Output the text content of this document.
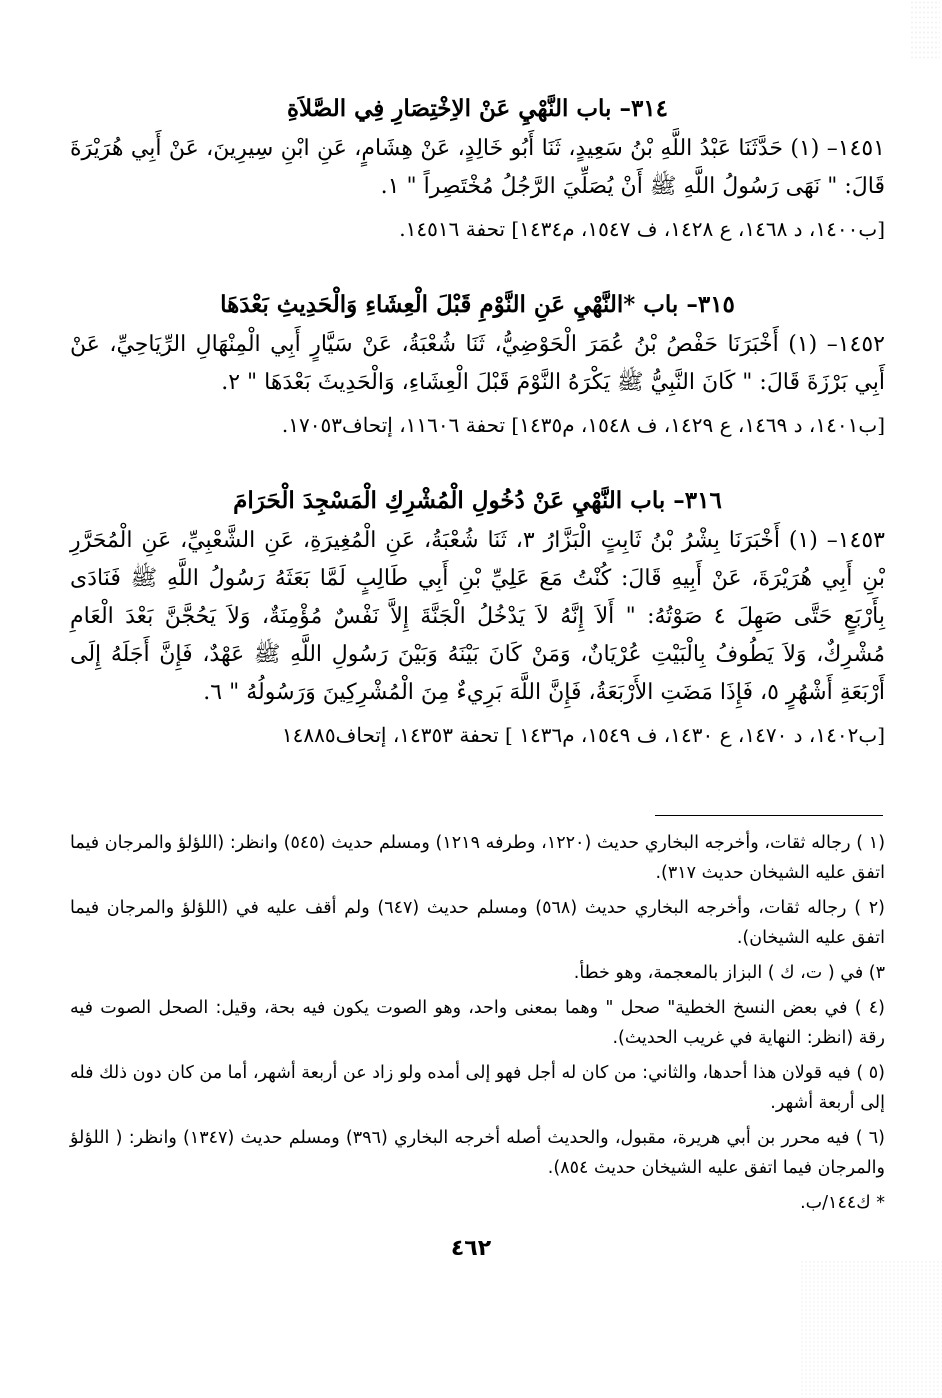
٣١٤– باب النَّهْيِ عَنْ الاِخْتِصَارِ فِي الصَّلاَةِ

١٤٥١– (١) حَدَّثَنَا عَبْدُ اللَّهِ بْنُ سَعِيدٍ، ثَنَا أَبُو خَالِدٍ، عَنْ هِشَامٍ، عَنِ ابْنِ سِيرِينَ، عَنْ أَبِي هُرَيْرَةَ قَالَ: " نَهَى رَسُولُ اللَّهِ ﷺ أَنْ يُصَلِّيَ الرَّجُلُ مُخْتَصِراً " ١.

[ب١٤٠٠، د ١٤٦٨، ع ١٤٢٨، ف ١٥٤٧، م١٤٣٤] تحفة ١٤٥١٦.

٣١٥– باب *النَّهْيِ عَنِ النَّوْمِ قَبْلَ الْعِشَاءِ وَالْحَدِيثِ بَعْدَهَا

١٤٥٢– (١) أَخْبَرَنَا حَفْصُ بْنُ عُمَرَ الْحَوْضِيُّ، ثَنَا شُعْبَةُ، عَنْ سَيَّارٍ أَبِي الْمِنْهَالِ الرِّيَاحِيِّ، عَنْ أَبِي بَرْزَةَ قَالَ: " كَانَ النَّبِيُّ ﷺ يَكْرَهُ النَّوْمَ قَبْلَ الْعِشَاءِ، وَالْحَدِيثَ بَعْدَهَا " ٢.

[ب١٤٠١، د ١٤٦٩، ع ١٤٢٩، ف ١٥٤٨، م١٤٣٥] تحفة ١١٦٠٦، إتحاف١٧٠٥٣.

٣١٦– باب النَّهْيِ عَنْ دُخُولِ الْمُشْرِكِ الْمَسْجِدَ الْحَرَامَ

١٤٥٣– (١) أَخْبَرَنَا بِشْرُ بْنُ ثَابِتٍ الْبَزَّارُ ٣، ثَنَا شُعْبَةُ، عَنِ الْمُغِيرَةِ، عَنِ الشَّعْبِيِّ، عَنِ الْمُحَرَّرِ بْنِ أَبِي هُرَيْرَةَ، عَنْ أَبِيهِ قَالَ: كُنْتُ مَعَ عَلِيِّ بْنِ أَبِي طَالِبٍ لَمَّا بَعَثَهُ رَسُولُ اللَّهِ ﷺ فَنَادَى بِأَرْبَعٍ حَتَّى صَهِلَ ٤ صَوْتُهُ: " أَلاَ إِنَّهُ لاَ يَدْخُلُ الْجَنَّةَ إِلاَّ نَفْسٌ مُؤْمِنَةٌ، وَلاَ يَحُجَّنَّ بَعْدَ الْعَامِ مُشْرِكٌ، وَلاَ يَطُوفُ بِالْبَيْتِ عُرْيَانٌ، وَمَنْ كَانَ بَيْنَهُ وَبَيْنَ رَسُولِ اللَّهِ ﷺ عَهْدٌ، فَإِنَّ أَجَلَهُ إِلَى أَرْبَعَةِ أَشْهُرٍ ٥، فَإِذَا مَضَتِ الأَرْبَعَةُ، فَإِنَّ اللَّهَ بَرِيءٌ مِنَ الْمُشْرِكِينَ وَرَسُولُهُ " ٦.

[ب١٤٠٢، د ١٤٧٠، ع ١٤٣٠، ف ١٥٤٩، م١٤٣٦ ] تحفة ١٤٣٥٣، إتحاف١٤٨٨٥

(١ ) رجاله ثقات، وأخرجه البخاري حديث (١٢٢٠، وطرفه ١٢١٩) ومسلم حديث (٥٤٥) وانظر: (اللؤلؤ والمرجان فيما اتفق عليه الشيخان حديث ٣١٧).

(٢ ) رجاله ثقات، وأخرجه البخاري حديث (٥٦٨) ومسلم حديث (٦٤٧) ولم أقف عليه في (اللؤلؤ والمرجان فيما اتفق عليه الشيخان).

٣) في ( ت، ك ) البزاز بالمعجمة، وهو خطأ.

(٤ ) في بعض النسخ الخطية" صحل " وهما بمعنى واحد، وهو الصوت يكون فيه بحة، وقيل: الصحل الصوت فيه رقة (انظر: النهاية في غريب الحديث).

(٥ ) فيه قولان هذا أحدها، والثاني: من كان له أجل فهو إلى أمده ولو زاد عن أربعة أشهر، أما من كان دون ذلك فله إلى أربعة أشهر.

(٦ ) فيه محرر بن أبي هريرة، مقبول، والحديث أصله أخرجه البخاري (٣٩٦) ومسلم حديث (١٣٤٧) وانظر: ( اللؤلؤ والمرجان فيما اتفق عليه الشيخان حديث ٨٥٤).

* ك١٤٤/ب.

٤٦٢
